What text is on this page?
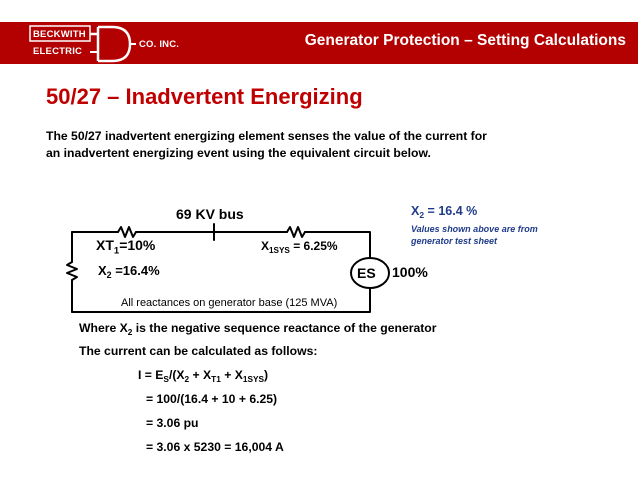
Generator Protection – Setting Calculations
BECKWITH
ELECTRIC
CO. INC.
50/27 – Inadvertent Energizing
The 50/27 inadvertent energizing element senses the value of the current for
an inadvertent energizing event using the equivalent circuit below.
69 KV bus
$XT_1=10\%$
$X_2 =16.4\%$
$X_{1SYS} = 6.25\%$
ES 100%
All reactances on generator base (125 MVA)
$X_2 = 16.4$ %
Values shown above are from
generator test sheet
Where $X_2$ is the negative sequence reactance of the generator
The current can be calculated as follows:
$I = E_S/(X_2 + X_{T1} + X_{1SYS})$
= 100/(16.4 + 10 + 6.25)
= 3.06 pu
= 3.06 x 5230 = 16,004 A
